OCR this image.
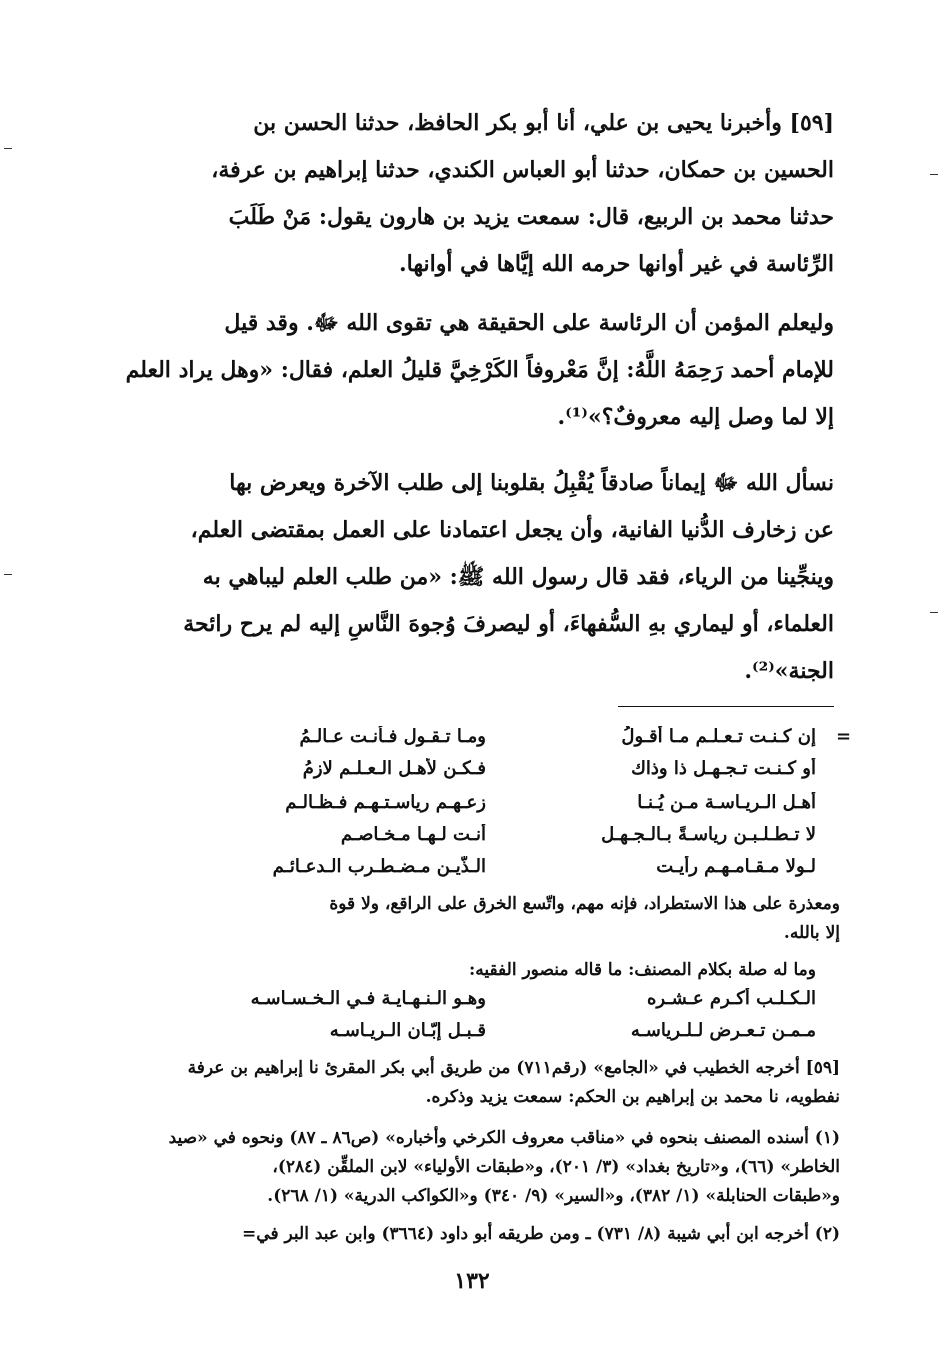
[٥٩] وأخبرنا يحيى بن علي، أنا أبو بكر الحافظ، حدثنا الحسن بن
الحسين بن حمكان، حدثنا أبو العباس الكندي، حدثنا إبراهيم بن عرفة،
حدثنا محمد بن الربيع، قال: سمعت يزيد بن هارون يقول: مَنْ طَلَبَ
الرِّئاسة في غير أوانها حرمه الله إيَّاها في أوانها.
وليعلم المؤمن أن الرئاسة على الحقيقة هي تقوى الله ﷻ. وقد قيل
للإمام أحمد رَحِمَهُ اللَّهُ: إنَّ مَعْروفاً الكَرْخِيَّ قليلُ العلم، فقال: «وهل يراد العلم
إلا لما وصل إليه معروفٌ؟»⁽¹⁾.
نسأل الله ﷻ إيماناً صادقاً يُقْبِلُ بقلوبنا إلى طلب الآخرة ويعرض بها
عن زخارف الدُّنيا الفانية، وأن يجعل اعتمادنا على العمل بمقتضى العلم،
وينجِّينا من الرياء، فقد قال رسول الله ﷺ: «من طلب العلم ليباهي به
العلماء، أو ليماري بهِ السُّفهاءَ، أو ليصرفَ وُجوهَ النَّاسِ إليه لم يرح رائحة
الجنة»⁽²⁾.
=
إن كـنـت تـعـلـم مـا أقـولُ
ومـا تـقـول فـأنـت عـالـمُ
أو كـنـت تـجـهـل ذا وذاك
فـكـن لأهـل الـعـلـم لازمُ
أهـل الـريـاسـة مـن يُـنـا
زعـهـم رياسـتـهـم فـظـالـم
لا تـطـلـبـن رياسـةً بـالـجـهـل
أنـت لـهـا مـخـاصـم
لـولا مـقـامـهـم رأيـت
الـذّيـن مـضـطـرب الـدعـائـم
ومعذرة على هذا الاستطراد، فإنه مهم، واتّسع الخرق على الراقع، ولا قوة
إلا بالله.
وما له صلة بكلام المصنف: ما قاله منصور الفقيه:
الـكـلـب أكـرم عـشـره
وهـو الـنـهـايـة فـي الـخـسـاسـه
مـمـن تـعـرض لـلـرياسـه
قـبـل إبّـان الـريـاسـه
[٥٩] أخرجه الخطيب في «الجامع» (رقم٧١١) من طريق أبي بكر المقرئ نا إبراهيم بن عرفة
نفطويه، نا محمد بن إبراهيم بن الحكم: سمعت يزيد وذكره.
(١) أسنده المصنف بنحوه في «مناقب معروف الكرخي وأخباره» (ص٨٦ ـ ٨٧) ونحوه في «صيد
الخاطر» (٦٦)، و«تاريخ بغداد» (٣/ ٢٠١)، و«طبقات الأولياء» لابن الملقِّن (٢٨٤)،
و«طبقات الحنابلة» (١/ ٣٨٢)، و«السير» (٩/ ٣٤٠) و«الكواكب الدرية» (١/ ٢٦٨).
(٢) أخرجه ابن أبي شيبة (٨/ ٧٣١) ـ ومن طريقه أبو داود (٣٦٦٤) وابن عبد البر في=
١٣٢
